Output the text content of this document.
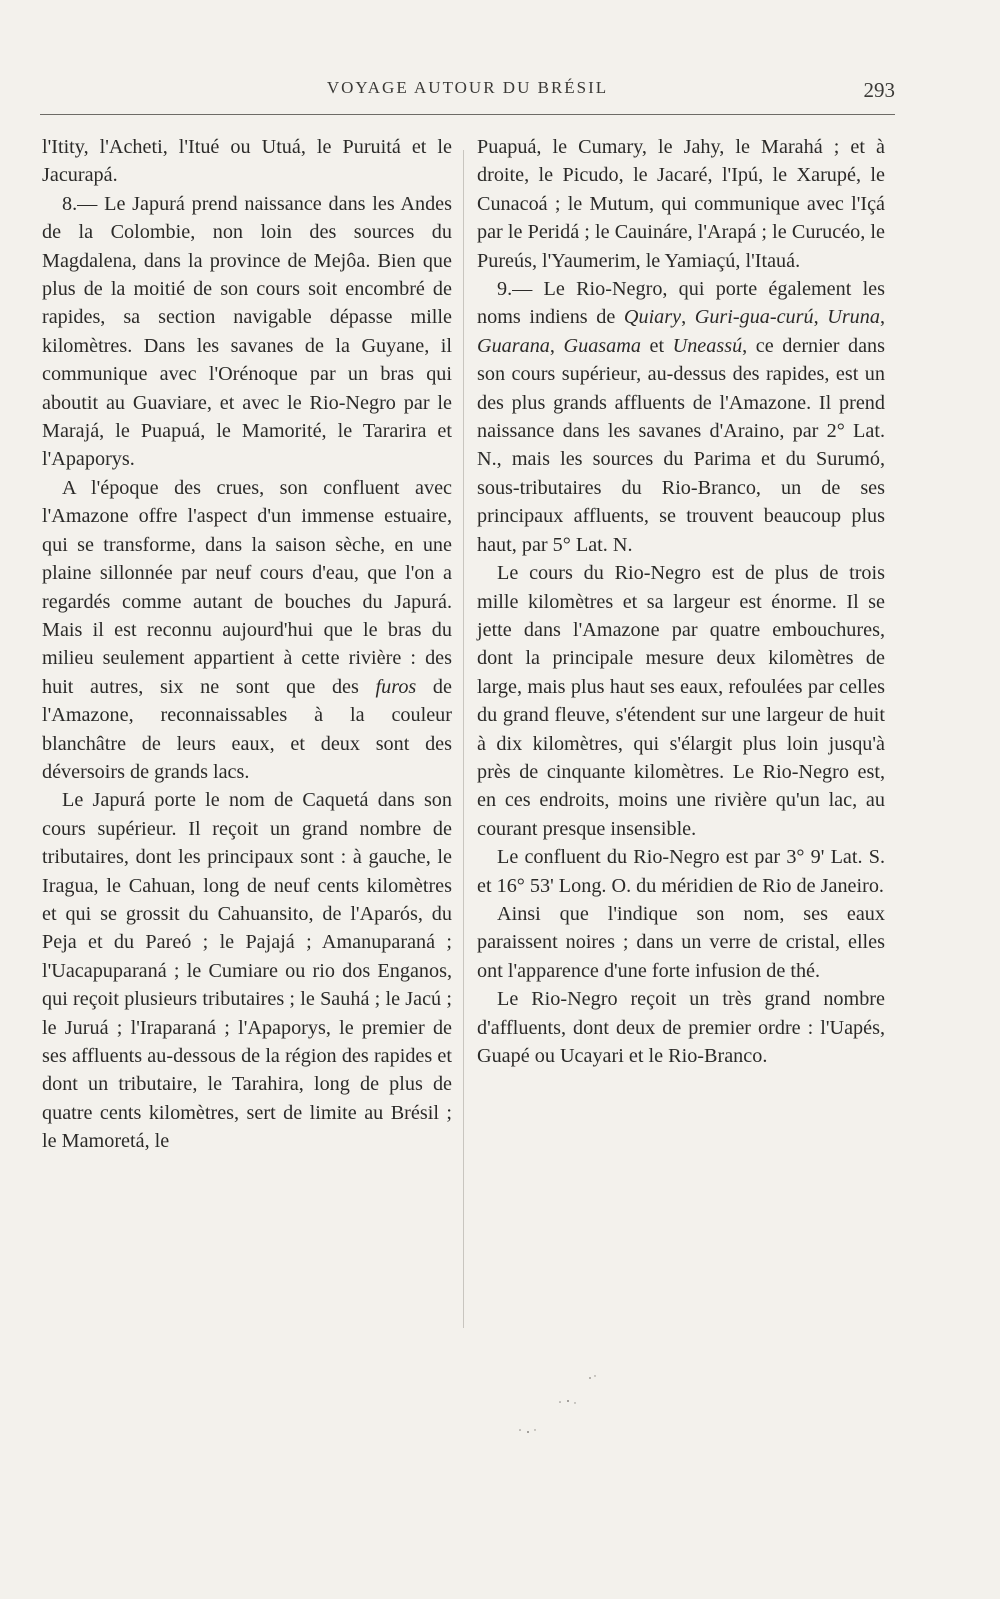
VOYAGE AUTOUR DU BRÉSIL	293

l'Itity, l'Acheti, l'Itué ou Utuá, le Puruitá et le Jacurapá.

8.— Le Japurá prend naissance dans les Andes de la Colombie, non loin des sources du Magdalena, dans la province de Mejôa. Bien que plus de la moitié de son cours soit encombré de rapides, sa section navigable dépasse mille kilomètres. Dans les savanes de la Guyane, il communique avec l'Orénoque par un bras qui aboutit au Guaviare, et avec le Rio-Negro par le Marajá, le Puapuá, le Mamorité, le Tararira et l'Apaporys.

A l'époque des crues, son confluent avec l'Amazone offre l'aspect d'un immense estuaire, qui se transforme, dans la saison sèche, en une plaine sillonnée par neuf cours d'eau, que l'on a regardés comme autant de bouches du Japurá. Mais il est reconnu aujourd'hui que le bras du milieu seulement appartient à cette rivière : des huit autres, six ne sont que des furos de l'Amazone, reconnaissables à la couleur blanchâtre de leurs eaux, et deux sont des déversoirs de grands lacs.

Le Japurá porte le nom de Caquetá dans son cours supérieur. Il reçoit un grand nombre de tributaires, dont les principaux sont : à gauche, le Iragua, le Cahuan, long de neuf cents kilomètres et qui se grossit du Cahuansito, de l'Aparós, du Peja et du Pareó ; le Pajajá ; Amanuparaná ; l'Uacapuparaná ; le Cumiare ou rio dos Enganos, qui reçoit plusieurs tributaires ; le Sauhá ; le Jacú ; le Juruá ; l'Iraparaná ; l'Apaporys, le premier de ses affluents au-dessous de la région des rapides et dont un tributaire, le Tarahira, long de plus de quatre cents kilomètres, sert de limite au Brésil ; le Mamoretá, le

Puapuá, le Cumary, le Jahy, le Marahá ; et à droite, le Picudo, le Jacaré, l'Ipú, le Xarupé, le Cunacoá ; le Mutum, qui communique avec l'Içá par le Peridá ; le Cauináre, l'Arapá ; le Curucéo, le Pureús, l'Yaumerim, le Yamiaçú, l'Itauá.

9.— Le Rio-Negro, qui porte également les noms indiens de Quiary, Guri-gua-curú, Uruna, Guarana, Guasama et Uneassú, ce dernier dans son cours supérieur, au-dessus des rapides, est un des plus grands affluents de l'Amazone. Il prend naissance dans les savanes d'Araino, par 2° Lat. N., mais les sources du Parima et du Surumó, sous-tributaires du Rio-Branco, un de ses principaux affluents, se trouvent beaucoup plus haut, par 5° Lat. N.

Le cours du Rio-Negro est de plus de trois mille kilomètres et sa largeur est énorme. Il se jette dans l'Amazone par quatre embouchures, dont la principale mesure deux kilomètres de large, mais plus haut ses eaux, refoulées par celles du grand fleuve, s'étendent sur une largeur de huit à dix kilomètres, qui s'élargit plus loin jusqu'à près de cinquante kilomètres. Le Rio-Negro est, en ces endroits, moins une rivière qu'un lac, au courant presque insensible.

Le confluent du Rio-Negro est par 3° 9' Lat. S. et 16° 53' Long. O. du méridien de Rio de Janeiro.

Ainsi que l'indique son nom, ses eaux paraissent noires ; dans un verre de cristal, elles ont l'apparence d'une forte infusion de thé.

Le Rio-Negro reçoit un très grand nombre d'affluents, dont deux de premier ordre : l'Uapés, Guapé ou Ucayari et le Rio-Branco.
